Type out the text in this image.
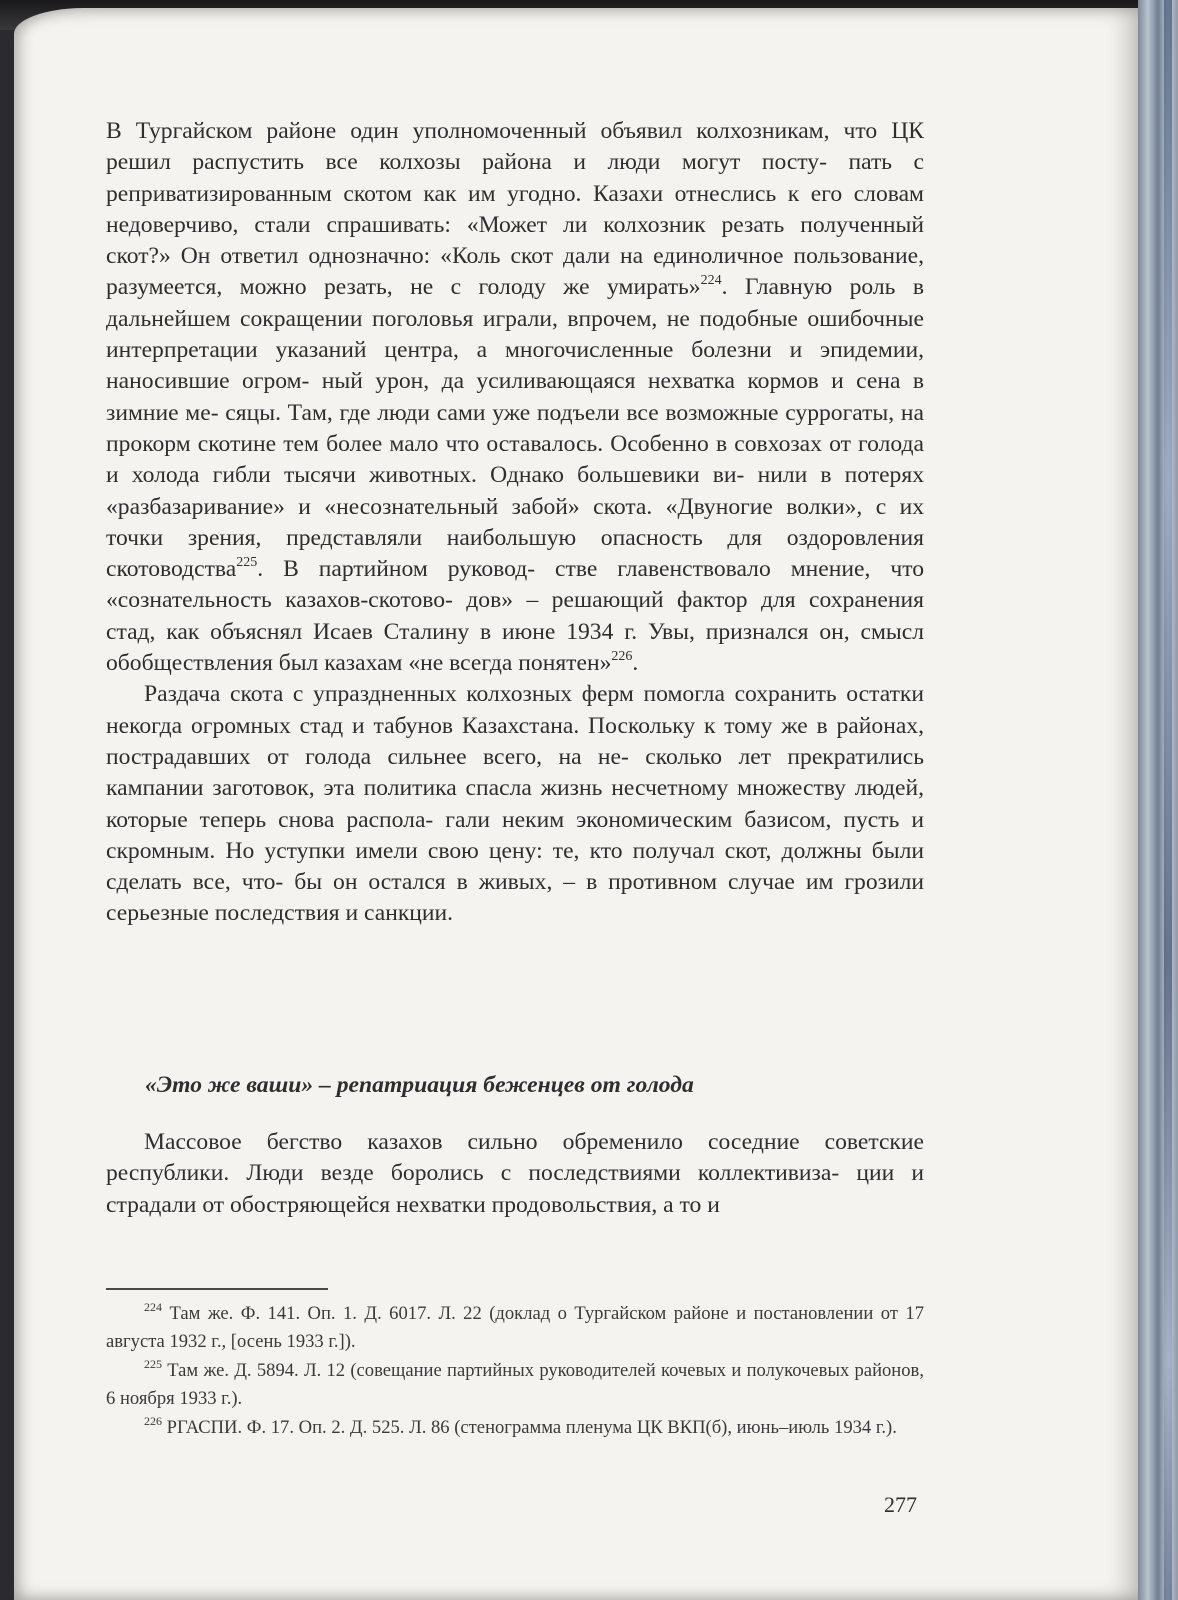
В Тургайском районе один уполномоченный объявил колхозникам, что ЦК решил распустить все колхозы района и люди могут посту- пать с реприватизированным скотом как им угодно. Казахи отнеслись к его словам недоверчиво, стали спрашивать: «Может ли колхозник резать полученный скот?» Он ответил однозначно: «Коль скот дали на единоличное пользование, разумеется, можно резать, не с голоду же умирать»$^{224}$. Главную роль в дальнейшем сокращении поголовья играли, впрочем, не подобные ошибочные интерпретации указаний центра, а многочисленные болезни и эпидемии, наносившие огром- ный урон, да усиливающаяся нехватка кормов и сена в зимние ме- сяцы. Там, где люди сами уже подъели все возможные суррогаты, на прокорм скотине тем более мало что оставалось. Особенно в совхозах от голода и холода гибли тысячи животных. Однако большевики ви- нили в потерях «разбазаривание» и «несознательный забой» скота. «Двуногие волки», с их точки зрения, представляли наибольшую опасность для оздоровления скотоводства$^{225}$. В партийном руковод- стве главенствовало мнение, что «сознательность казахов-скотово- дов» – решающий фактор для сохранения стад, как объяснял Исаев Сталину в июне 1934 г. Увы, признался он, смысл обобществления был казахам «не всегда понятен»$^{226}$.

Раздача скота с упраздненных колхозных ферм помогла сохранить остатки некогда огромных стад и табунов Казахстана. Поскольку к тому же в районах, пострадавших от голода сильнее всего, на не- сколько лет прекратились кампании заготовок, эта политика спасла жизнь несчетному множеству людей, которые теперь снова распола- гали неким экономическим базисом, пусть и скромным. Но уступки имели свою цену: те, кто получал скот, должны были сделать все, что- бы он остался в живых, – в противном случае им грозили серьезные последствия и санкции.

«Это же ваши» – репатриация беженцев от голода

Массовое бегство казахов сильно обременило соседние советские республики. Люди везде боролись с последствиями коллективиза- ции и страдали от обостряющейся нехватки продовольствия, а то и

$^{224}$ Там же. Ф. 141. Оп. 1. Д. 6017. Л. 22 (доклад о Тургайском районе и постановлении от 17 августа 1932 г., [осень 1933 г.]).

$^{225}$ Там же. Д. 5894. Л. 12 (совещание партийных руководителей кочевых и полукочевых районов, 6 ноября 1933 г.).

$^{226}$ РГАСПИ. Ф. 17. Оп. 2. Д. 525. Л. 86 (стенограмма пленума ЦК ВКП(б), июнь–июль 1934 г.).

277
